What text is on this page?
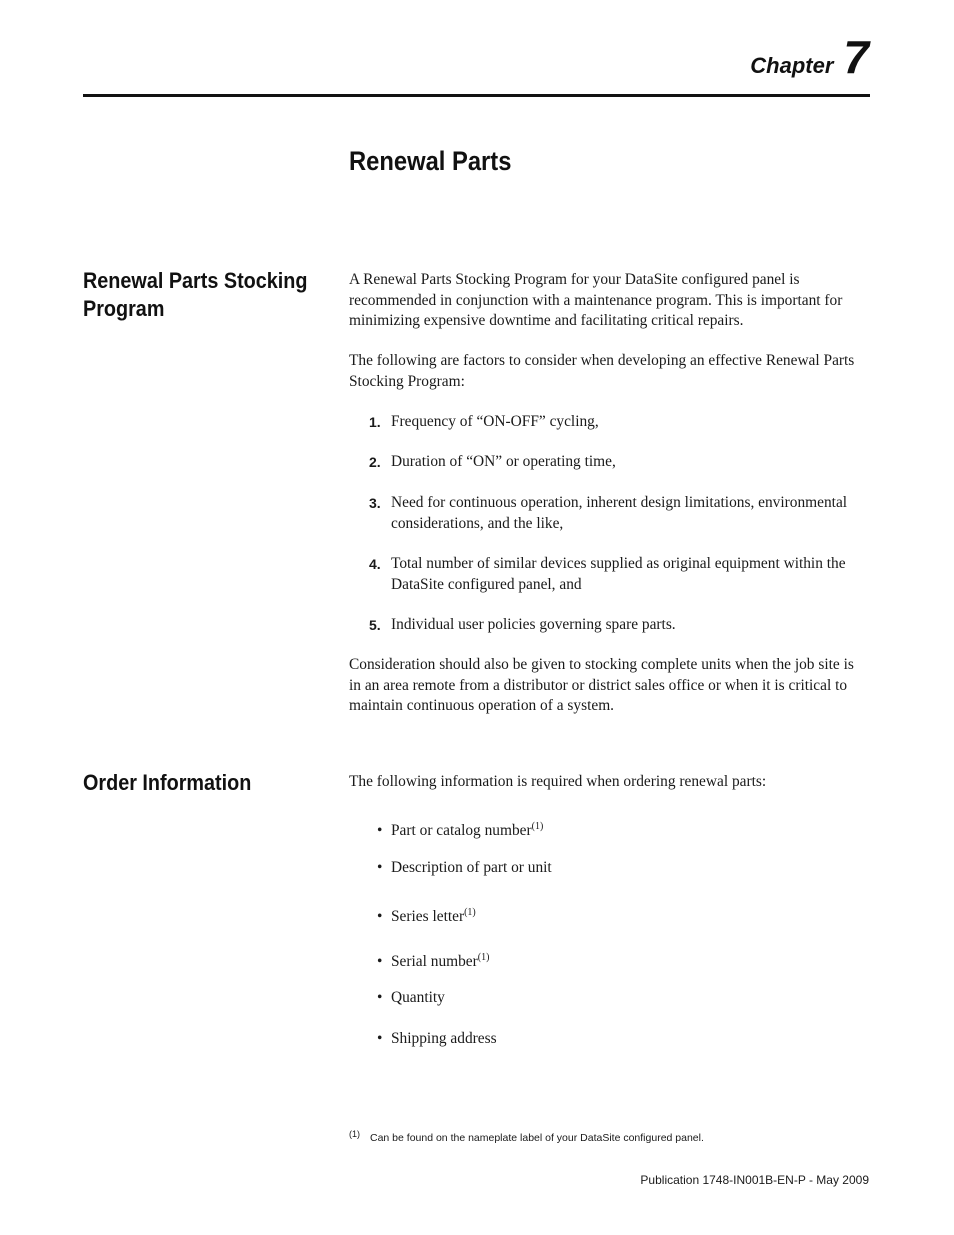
Chapter 7
Renewal Parts
Renewal Parts Stocking Program

A Renewal Parts Stocking Program for your DataSite configured panel is recommended in conjunction with a maintenance program. This is important for minimizing expensive downtime and facilitating critical repairs.

The following are factors to consider when developing an effective Renewal Parts Stocking Program:

1. Frequency of “ON-OFF” cycling,
2. Duration of “ON” or operating time,
3. Need for continuous operation, inherent design limitations, environmental considerations, and the like,
4. Total number of similar devices supplied as original equipment within the DataSite configured panel, and
5. Individual user policies governing spare parts.

Consideration should also be given to stocking complete units when the job site is in an area remote from a distributor or district sales office or when it is critical to maintain continuous operation of a system.

Order Information	The following information is required when ordering renewal parts:

• Part or catalog number$^{(1)}$
• Description of part or unit
• Series letter$^{(1)}$
• Serial number$^{(1)}$
• Quantity
• Shipping address
(1) Can be found on the nameplate label of your DataSite configured panel.
Publication 1748-IN001B-EN-P - May 2009
